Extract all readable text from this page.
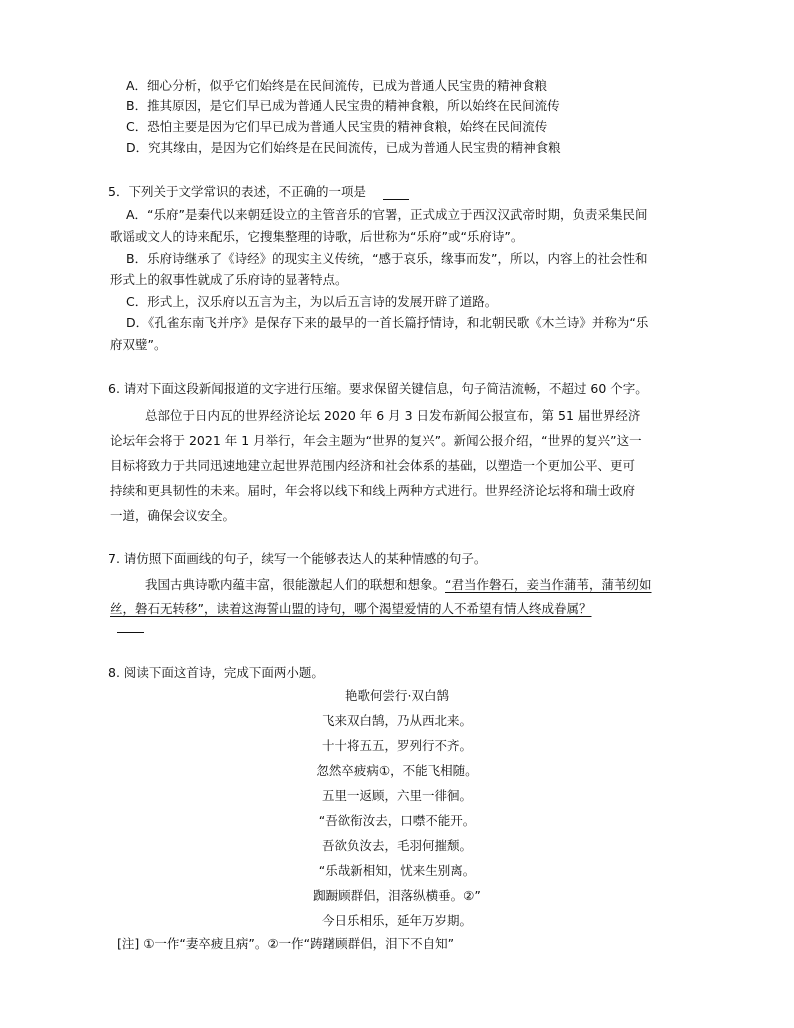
A．细心分析，似乎它们始终是在民间流传，已成为普通人民宝贵的精神食粮
B．推其原因，是它们早已成为普通人民宝贵的精神食粮，所以始终在民间流传
C．恐怕主要是因为它们早已成为普通人民宝贵的精神食粮，始终在民间流传
D．究其缘由，是因为它们始终是在民间流传，已成为普通人民宝贵的精神食粮
5．下列关于文学常识的表述，不正确的一项是
A．“乐府”是秦代以来朝廷设立的主管音乐的官署，正式成立于西汉汉武帝时期，负责采集民间
歌谣或文人的诗来配乐，它搜集整理的诗歌，后世称为“乐府”或“乐府诗”。
B．乐府诗继承了《诗经》的现实主义传统，“感于哀乐，缘事而发”，所以，内容上的社会性和
形式上的叙事性就成了乐府诗的显著特点。
C．形式上，汉乐府以五言为主，为以后五言诗的发展开辟了道路。
D．《孔雀东南飞并序》是保存下来的最早的一首长篇抒情诗，和北朝民歌《木兰诗》并称为“乐
府双璧”。
6. 请对下面这段新闻报道的文字进行压缩。要求保留关键信息，句子简洁流畅，不超过 60 个字。
总部位于日内瓦的世界经济论坛 2020 年 6 月 3 日发布新闻公报宣布，第 51 届世界经济
论坛年会将于 2021 年 1 月举行，年会主题为“世界的复兴”。新闻公报介绍，“世界的复兴”这一
目标将致力于共同迅速地建立起世界范围内经济和社会体系的基础，以塑造一个更加公平、更可
持续和更具韧性的未来。届时，年会将以线下和线上两种方式进行。世界经济论坛将和瑞士政府
一道，确保会议安全。
7. 请仿照下面画线的句子，续写一个能够表达人的某种情感的句子。
我国古典诗歌内蕴丰富，很能激起人们的联想和想象。“君当作磐石，妾当作蒲苇，蒲苇纫如
丝，磐石无转移”，读着这海誓山盟的诗句，哪个渴望爱情的人不希望有情人终成眷属？
8. 阅读下面这首诗，完成下面两小题。
艳歌何尝行·双白鹄
飞来双白鹄，乃从西北来。
十十将五五，罗列行不齐。
忽然卒疲病①，不能飞相随。
五里一返顾，六里一徘徊。
“吾欲衔汝去，口噤不能开。
吾欲负汝去，毛羽何摧颓。
“乐哉新相知，忧来生别离。
踟蹰顾群侣，泪落纵横垂。②”
今日乐相乐，延年万岁期。
[注] ①一作“妻卒疲且病”。②一作“踌躇顾群侣，泪下不自知”
